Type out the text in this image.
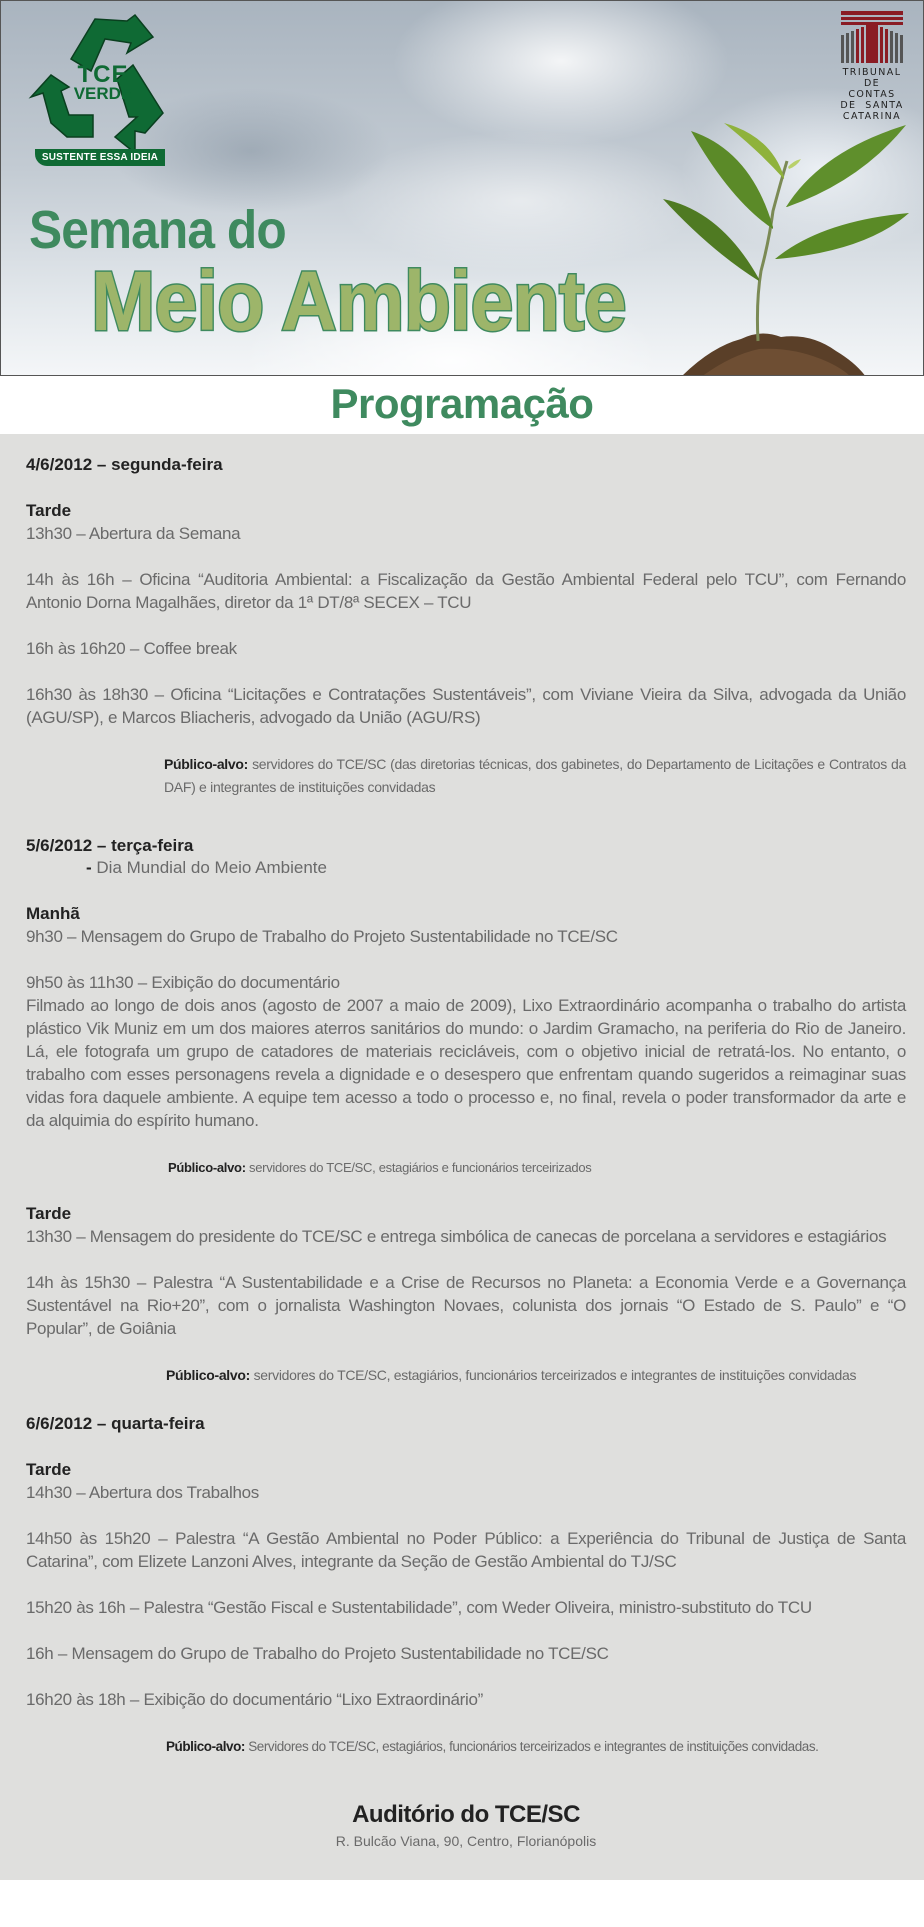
TCE
VERDE
SUSTENTE ESSA IDEIA
TRIBUNAL
DE CONTAS
DE  SANTA
CATARINA
Semana do
Meio Ambiente
Programação
4/6/2012 – segunda-feira
Tarde
13h30 – Abertura da Semana
14h às 16h – Oficina “Auditoria Ambiental: a Fiscalização da Gestão Ambiental Federal pelo TCU”, com Fernando Antonio Dorna Magalhães, diretor da 1ª DT/8ª SECEX – TCU
16h às 16h20 – Coffee break
16h30 às 18h30 – Oficina “Licitações e Contratações Sustentáveis”, com Viviane Vieira da Silva, advogada da União (AGU/SP), e Marcos Bliacheris, advogado da União (AGU/RS)
Público-alvo: servidores do TCE/SC (das diretorias técnicas, dos gabinetes, do Departamento de Licitações e Contratos da DAF) e integrantes de instituições convidadas
5/6/2012 – terça-feira
- Dia Mundial do Meio Ambiente
Manhã
9h30 – Mensagem do Grupo de Trabalho do Projeto Sustentabilidade no TCE/SC
9h50 às 11h30 – Exibição do documentário
Filmado ao longo de dois anos (agosto de 2007 a maio de 2009), Lixo Extraordinário acompanha o trabalho do artista plástico Vik Muniz em um dos maiores aterros sanitários do mundo: o Jardim Gramacho, na periferia do Rio de Janeiro. Lá, ele fotografa um grupo de catadores de materiais recicláveis, com o objetivo inicial de retratá-los. No entanto, o trabalho com esses personagens revela a dignidade e o desespero que enfrentam quando sugeridos a reimaginar suas vidas fora daquele ambiente. A equipe tem acesso a todo o processo e, no final, revela o poder transformador da arte e da alquimia do espírito humano.
Público-alvo: servidores do TCE/SC, estagiários e funcionários terceirizados
Tarde
13h30 – Mensagem do presidente do TCE/SC e entrega simbólica de canecas de porcelana a servidores e estagiários
14h às 15h30 – Palestra “A Sustentabilidade e a Crise de Recursos no Planeta: a Economia Verde e a Governança Sustentável na Rio+20”, com o jornalista Washington Novaes, colunista dos jornais “O Estado de S. Paulo” e “O Popular”, de Goiânia
Público-alvo: servidores do TCE/SC, estagiários, funcionários terceirizados e integrantes de instituições convidadas
6/6/2012 – quarta-feira
Tarde
14h30 – Abertura dos Trabalhos
14h50 às 15h20 – Palestra “A Gestão Ambiental no Poder Público: a Experiência do Tribunal de Justiça de Santa Catarina”, com Elizete Lanzoni Alves, integrante da Seção de Gestão Ambiental do TJ/SC
15h20 às 16h – Palestra “Gestão Fiscal e Sustentabilidade”, com Weder Oliveira, ministro-substituto do TCU
16h – Mensagem do Grupo de Trabalho do Projeto Sustentabilidade no TCE/SC
16h20 às 18h – Exibição do documentário “Lixo Extraordinário”
Público-alvo: Servidores do TCE/SC, estagiários, funcionários terceirizados e integrantes de instituições convidadas.
Auditório do TCE/SC
R. Bulcão Viana, 90, Centro, Florianópolis
